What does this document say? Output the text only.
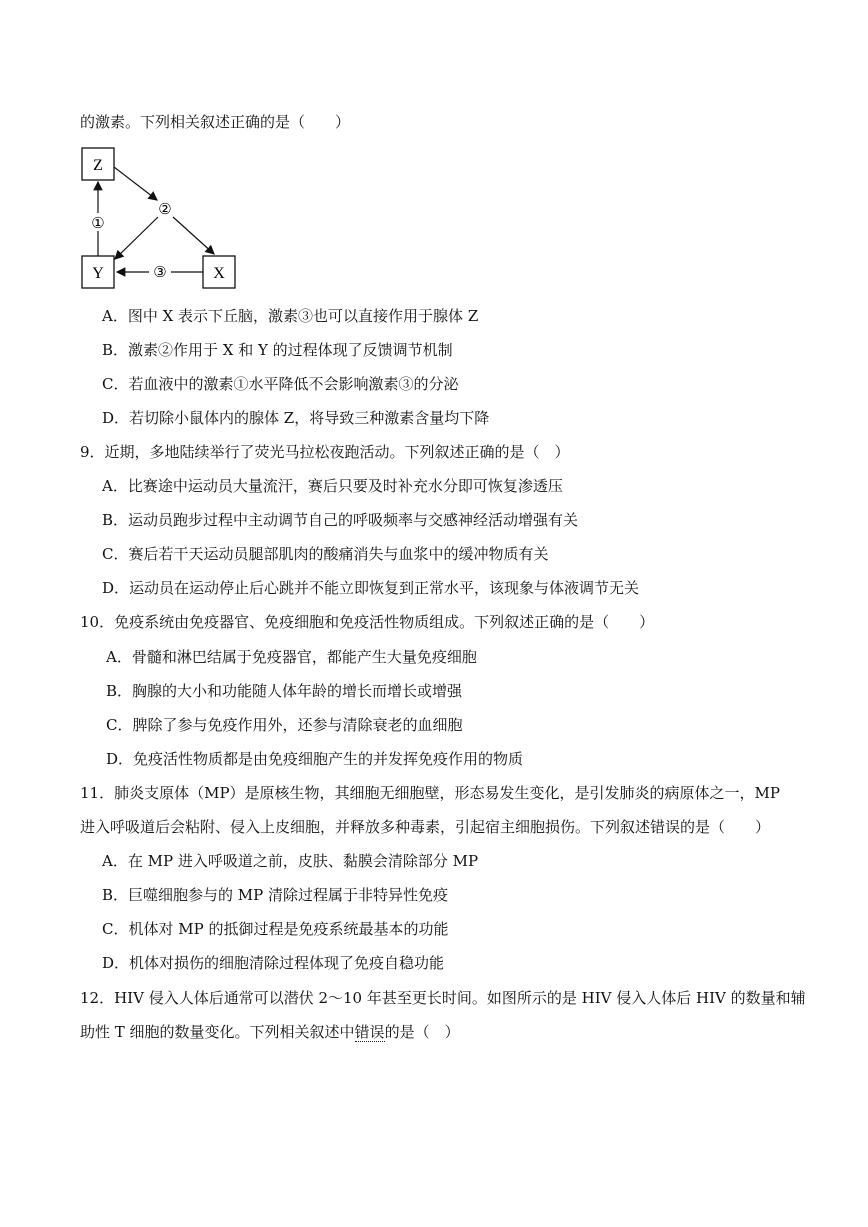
的激素。下列相关叙述正确的是（　　）
Z
Y	X
①
②
③
A．图中 X 表示下丘脑，激素③也可以直接作用于腺体 Z
B．激素②作用于 X 和 Y 的过程体现了反馈调节机制
C．若血液中的激素①水平降低不会影响激素③的分泌
D．若切除小鼠体内的腺体 Z，将导致三种激素含量均下降
9．近期，多地陆续举行了荧光马拉松夜跑活动。下列叙述正确的是（　）
A．比赛途中运动员大量流汗，赛后只要及时补充水分即可恢复渗透压
B．运动员跑步过程中主动调节自己的呼吸频率与交感神经活动增强有关
C．赛后若干天运动员腿部肌肉的酸痛消失与血浆中的缓冲物质有关
D．运动员在运动停止后心跳并不能立即恢复到正常水平，该现象与体液调节无关
10．免疫系统由免疫器官、免疫细胞和免疫活性物质组成。下列叙述正确的是（　　）
A．骨髓和淋巴结属于免疫器官，都能产生大量免疫细胞
B．胸腺的大小和功能随人体年龄的增长而增长或增强
C．脾除了参与免疫作用外，还参与清除衰老的血细胞
D．免疫活性物质都是由免疫细胞产生的并发挥免疫作用的物质
11．肺炎支原体（MP）是原核生物，其细胞无细胞壁，形态易发生变化，是引发肺炎的病原体之一，MP
进入呼吸道后会粘附、侵入上皮细胞，并释放多种毒素，引起宿主细胞损伤。下列叙述错误的是（　　）
A．在 MP 进入呼吸道之前，皮肤、黏膜会清除部分 MP
B．巨噬细胞参与的 MP 清除过程属于非特异性免疫
C．机体对 MP 的抵御过程是免疫系统最基本的功能
D．机体对损伤的细胞清除过程体现了免疫自稳功能
12．HIV 侵入人体后通常可以潜伏 2～10 年甚至更长时间。如图所示的是 HIV 侵入人体后 HIV 的数量和辅
助性 T 细胞的数量变化。下列相关叙述中错误的是（　）
